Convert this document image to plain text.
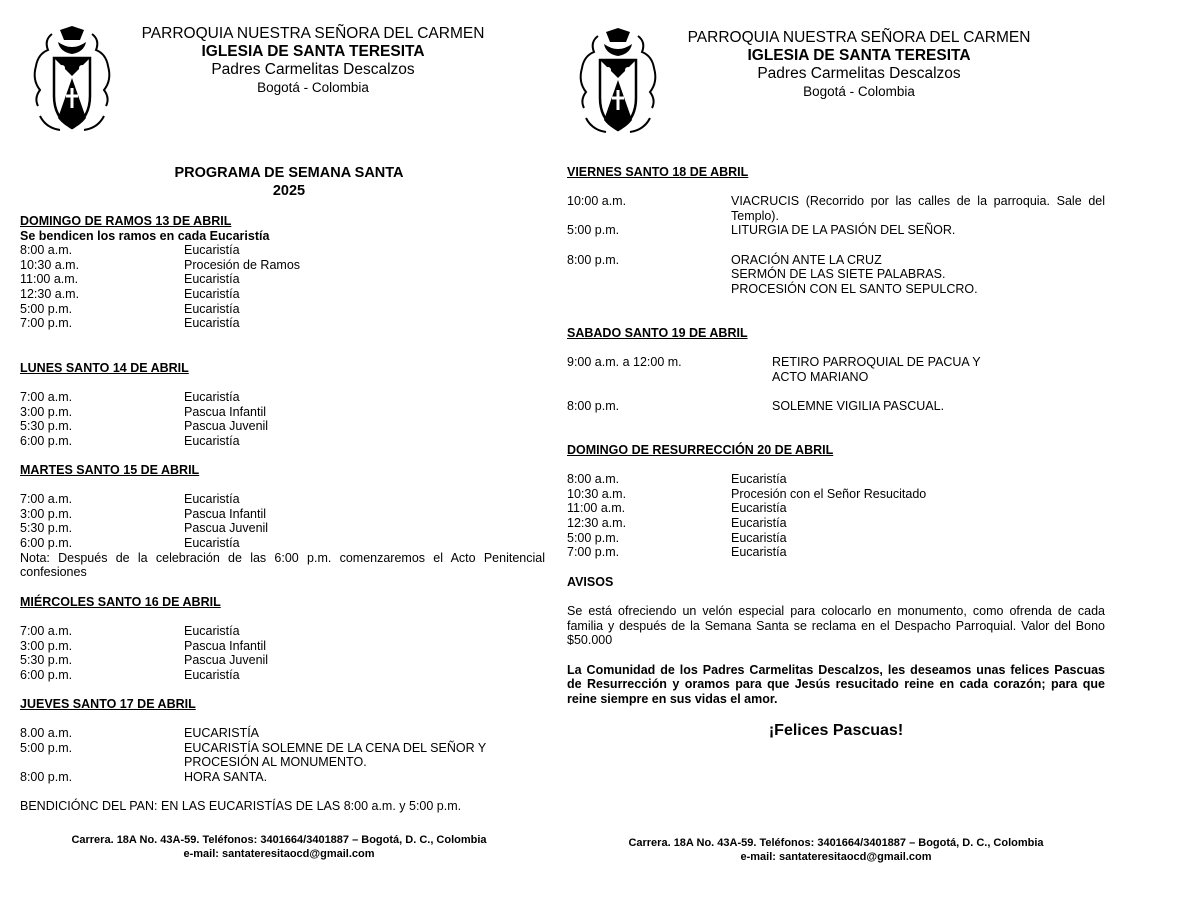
PARROQUIA NUESTRA SEÑORA DEL CARMEN
IGLESIA DE SANTA TERESITA
Padres Carmelitas Descalzos
Bogotá - Colombia
PROGRAMA DE SEMANA SANTA
2025
DOMINGO DE RAMOS 13 DE ABRIL
Se bendicen los ramos en cada Eucaristía
8:00 a.m.	Eucaristía
10:30 a.m.	Procesión de Ramos
11:00 a.m.	Eucaristía
12:30 a.m.	Eucaristía
5:00 p.m.	Eucaristía
7:00 p.m.	Eucaristía
LUNES SANTO 14 DE ABRIL
7:00 a.m.	Eucaristía
3:00 p.m.	Pascua Infantil
5:30 p.m.	Pascua Juvenil
6:00 p.m.	Eucaristía
MARTES SANTO 15 DE ABRIL
7:00 a.m.	Eucaristía
3:00 p.m.	Pascua Infantil
5:30 p.m.	Pascua Juvenil
6:00 p.m.	Eucaristía
Nota: Después de la celebración de las 6:00 p.m. comenzaremos el Acto Penitencial confesiones
MIÉRCOLES SANTO 16 DE ABRIL
7:00 a.m.	Eucaristía
3:00 p.m.	Pascua Infantil
5:30 p.m.	Pascua Juvenil
6:00 p.m.	Eucaristía
JUEVES SANTO 17 DE ABRIL
8.00 a.m.	EUCARISTÍA
5:00 p.m.	EUCARISTÍA SOLEMNE DE LA CENA DEL SEÑOR Y PROCESIÓN AL MONUMENTO.
8:00 p.m.	HORA SANTA.
BENDICIÓNC DEL PAN: EN LAS EUCARISTÍAS DE LAS 8:00 a.m. y 5:00 p.m.
Carrera. 18A No. 43A-59. Teléfonos: 3401664/3401887 – Bogotá, D. C., Colombia
e-mail: santateresitaocd@gmail.com
PARROQUIA NUESTRA SEÑORA DEL CARMEN
IGLESIA DE SANTA TERESITA
Padres Carmelitas Descalzos
Bogotá - Colombia
VIERNES SANTO 18 DE ABRIL
10:00 a.m.	VIACRUCIS (Recorrido por las calles de la parroquia. Sale del Templo).
5:00 p.m.	LITURGIA DE LA PASIÓN DEL SEÑOR.
8:00 p.m.	ORACIÓN ANTE LA CRUZ
SERMÓN DE LAS SIETE PALABRAS.
PROCESIÓN CON EL SANTO SEPULCRO.
SABADO SANTO 19 DE ABRIL
9:00 a.m. a 12:00 m.	RETIRO PARROQUIAL DE PACUA Y ACTO MARIANO
8:00 p.m.	SOLEMNE VIGILIA PASCUAL.
DOMINGO DE RESURRECCIÓN 20 DE ABRIL
8:00 a.m.	Eucaristía
10:30 a.m.	Procesión con el Señor Resucitado
11:00 a.m.	Eucaristía
12:30 a.m.	Eucaristía
5:00 p.m.	Eucaristía
7:00 p.m.	Eucaristía
AVISOS
Se está ofreciendo un velón especial para colocarlo en monumento, como ofrenda de cada familia y después de la Semana Santa se reclama en el Despacho Parroquial. Valor del Bono $50.000
La Comunidad de los Padres Carmelitas Descalzos, les deseamos unas felices Pascuas de Resurrección y oramos para que Jesús resucitado reine en cada corazón; para que reine siempre en sus vidas el amor.
¡Felices Pascuas!
Carrera. 18A No. 43A-59. Teléfonos: 3401664/3401887 – Bogotá, D. C., Colombia
e-mail: santateresitaocd@gmail.com
